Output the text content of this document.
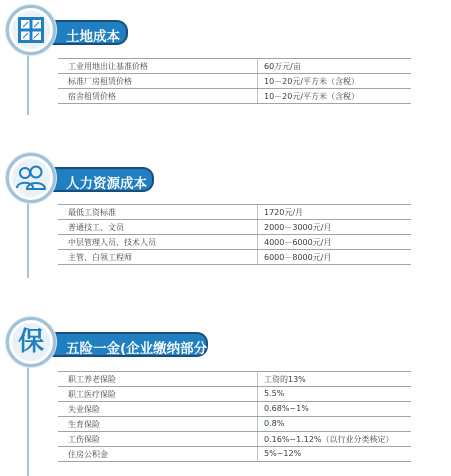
土地成本
工业用地出让基准价格	60万元/亩
标准厂房租赁价格	10－20元/平方米（含税）
宿舍租赁价格	10－20元/平方米（含税）
人力资源成本
最低工资标准	1720元/月
普通技工、文员	2000－3000元/月
中层管理人员、技术人员	4000－6000元/月
主管、白领工程师	6000－8000元/月
五险一金(企业缴纳部分)
保
职工养老保险	工资的13%
职工医疗保险	5.5%
失业保险	0.68%~1%
生育保险	0.8%
工伤保险	0.16%~1.12%（以行业分类核定）
住房公积金	5%~12%
